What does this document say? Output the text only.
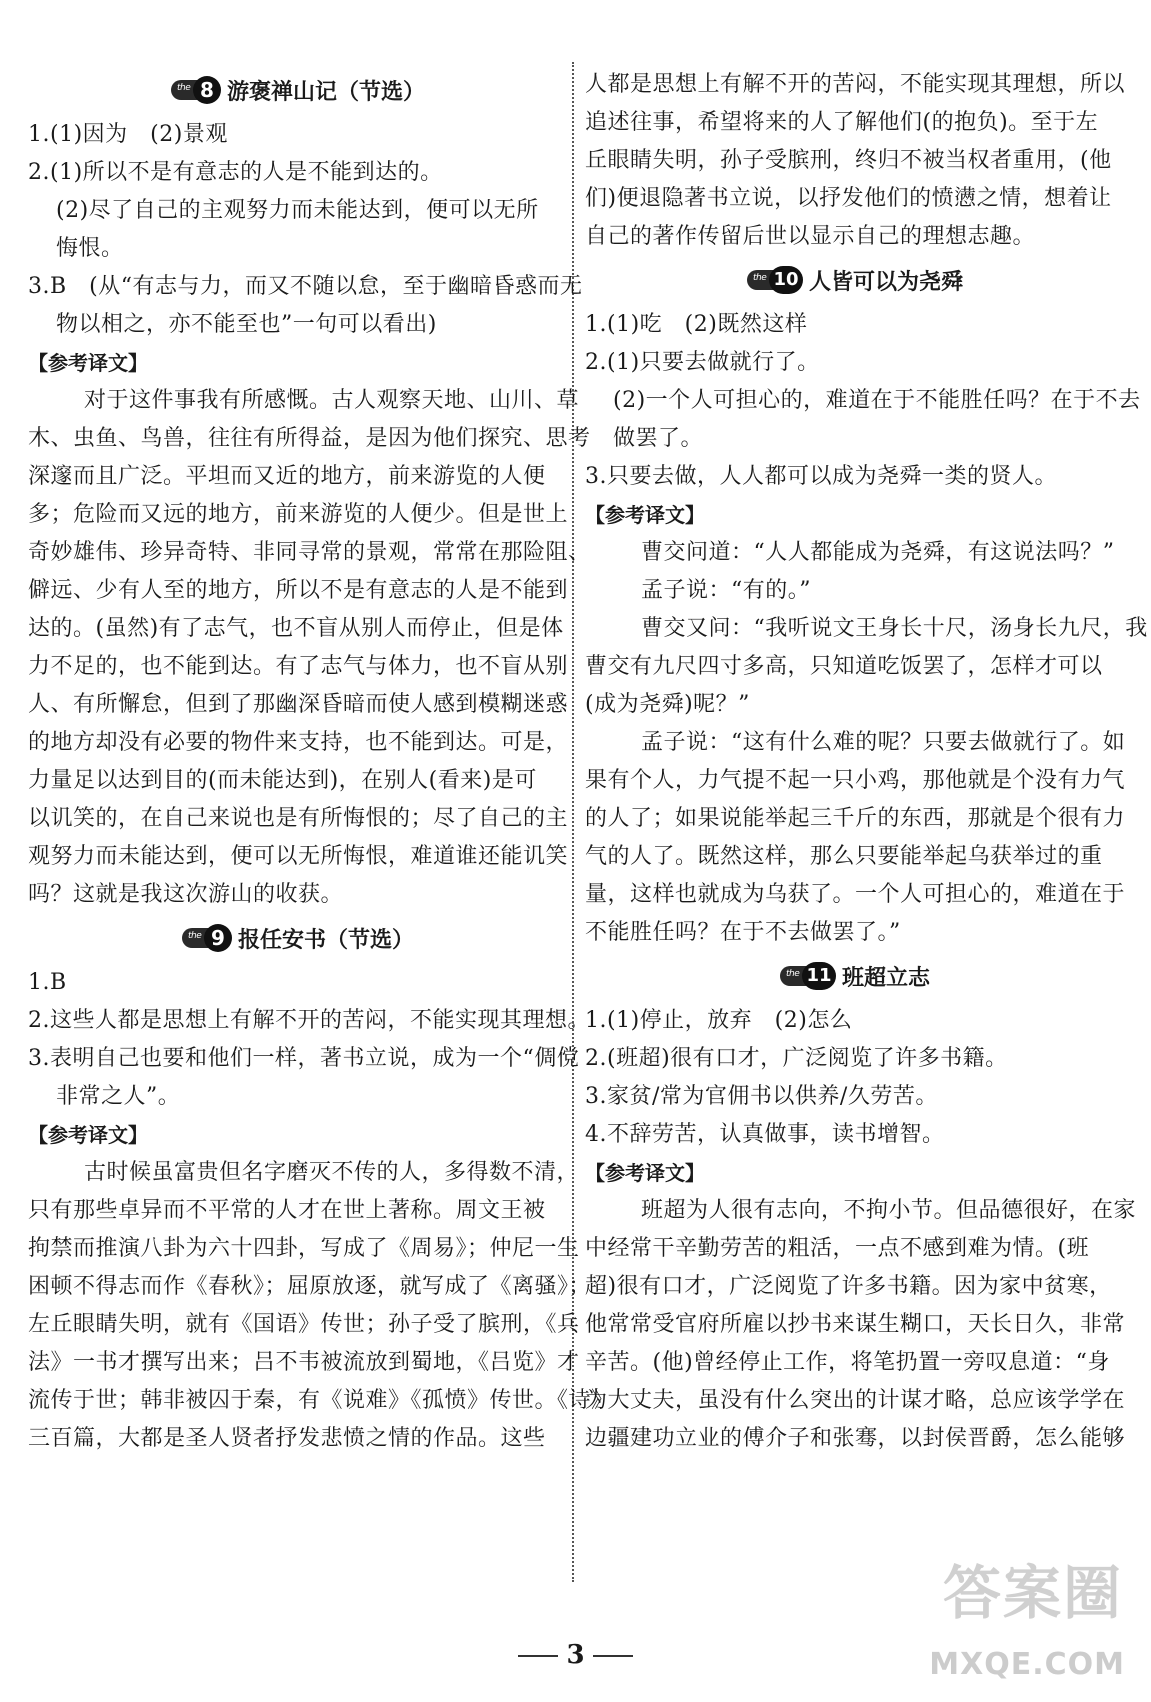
the 8 游褒禅山记（节选）
1.(1)因为　(2)景观
2.(1)所以不是有意志的人是不能到达的。
(2)尽了自己的主观努力而未能达到，便可以无所
悔恨。
3.B　(从“有志与力，而又不随以怠，至于幽暗昏惑而无
物以相之，亦不能至也”一句可以看出)
【参考译文】
对于这件事我有所感慨。古人观察天地、山川、草
木、虫鱼、鸟兽，往往有所得益，是因为他们探究、思考
深邃而且广泛。平坦而又近的地方，前来游览的人便
多；危险而又远的地方，前来游览的人便少。但是世上
奇妙雄伟、珍异奇特、非同寻常的景观，常常在那险阻、
僻远、少有人至的地方，所以不是有意志的人是不能到
达的。(虽然)有了志气，也不盲从别人而停止，但是体
力不足的，也不能到达。有了志气与体力，也不盲从别
人、有所懈怠，但到了那幽深昏暗而使人感到模糊迷惑
的地方却没有必要的物件来支持，也不能到达。可是，
力量足以达到目的(而未能达到)，在别人(看来)是可
以讥笑的，在自己来说也是有所悔恨的；尽了自己的主
观努力而未能达到，便可以无所悔恨，难道谁还能讥笑
吗？这就是我这次游山的收获。
the 9 报任安书（节选）
1.B
2.这些人都是思想上有解不开的苦闷，不能实现其理想。
3.表明自己也要和他们一样，著书立说，成为一个“倜傥
非常之人”。
【参考译文】
古时候虽富贵但名字磨灭不传的人，多得数不清，
只有那些卓异而不平常的人才在世上著称。周文王被
拘禁而推演八卦为六十四卦，写成了《周易》；仲尼一生
困顿不得志而作《春秋》；屈原放逐，就写成了《离骚》；
左丘眼睛失明，就有《国语》传世；孙子受了膑刑，《兵
法》一书才撰写出来；吕不韦被流放到蜀地，《吕览》才
流传于世；韩非被囚于秦，有《说难》《孤愤》传世。《诗》
三百篇，大都是圣人贤者抒发悲愤之情的作品。这些
人都是思想上有解不开的苦闷，不能实现其理想，所以
追述往事，希望将来的人了解他们(的抱负)。至于左
丘眼睛失明，孙子受膑刑，终归不被当权者重用，(他
们)便退隐著书立说，以抒发他们的愤懑之情，想着让
自己的著作传留后世以显示自己的理想志趣。
the 10 人皆可以为尧舜
1.(1)吃　(2)既然这样
2.(1)只要去做就行了。
(2)一个人可担心的，难道在于不能胜任吗？在于不去
做罢了。
3.只要去做，人人都可以成为尧舜一类的贤人。
【参考译文】
曹交问道：“人人都能成为尧舜，有这说法吗？”
孟子说：“有的。”
曹交又问：“我听说文王身长十尺，汤身长九尺，我
曹交有九尺四寸多高，只知道吃饭罢了，怎样才可以
(成为尧舜)呢？”
孟子说：“这有什么难的呢？只要去做就行了。如
果有个人，力气提不起一只小鸡，那他就是个没有力气
的人了；如果说能举起三千斤的东西，那就是个很有力
气的人了。既然这样，那么只要能举起乌获举过的重
量，这样也就成为乌获了。一个人可担心的，难道在于
不能胜任吗？在于不去做罢了。”
the 11 班超立志
1.(1)停止，放弃　(2)怎么
2.(班超)很有口才，广泛阅览了许多书籍。
3.家贫/常为官佣书以供养/久劳苦。
4.不辞劳苦，认真做事，读书增智。
【参考译文】
班超为人很有志向，不拘小节。但品德很好，在家
中经常干辛勤劳苦的粗活，一点不感到难为情。(班
超)很有口才，广泛阅览了许多书籍。因为家中贫寒，
他常常受官府所雇以抄书来谋生糊口，天长日久，非常
辛苦。(他)曾经停止工作，将笔扔置一旁叹息道：“身
为大丈夫，虽没有什么突出的计谋才略，总应该学学在
边疆建功立业的傅介子和张骞，以封侯晋爵，怎么能够
3
答案圈
MXQE.COM
